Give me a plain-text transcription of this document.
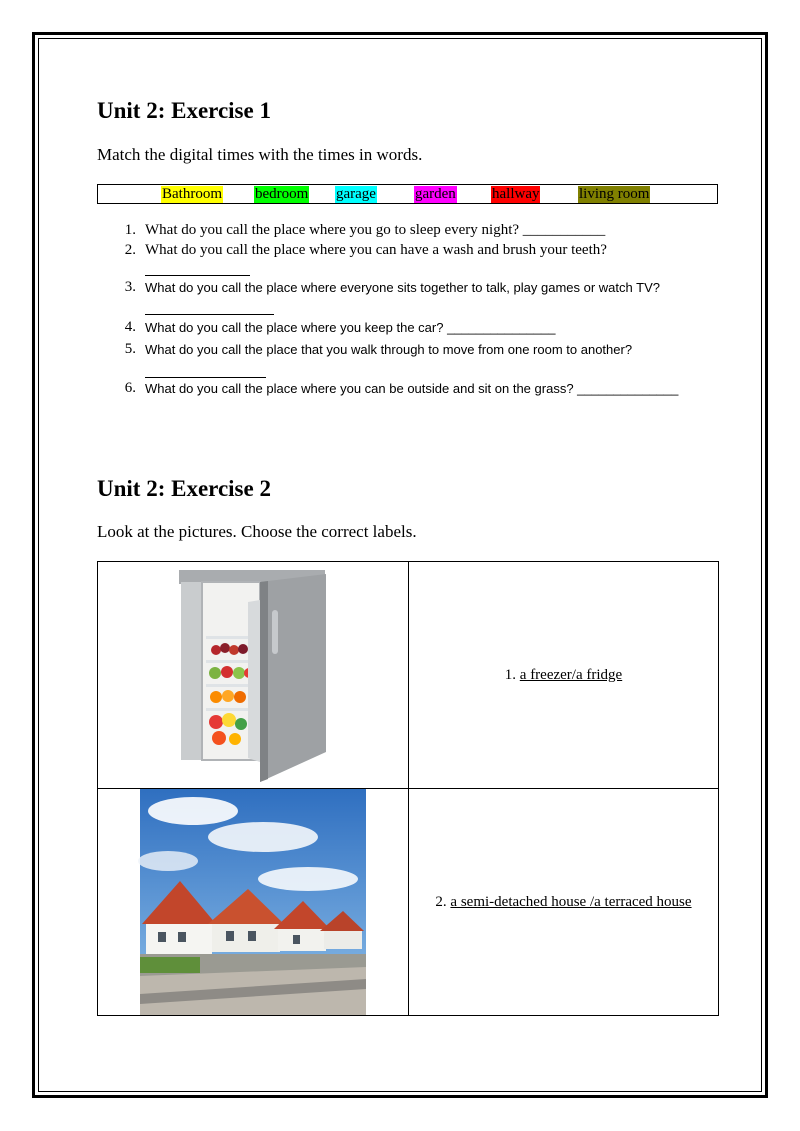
Unit 2: Exercise 1

Match the digital times with the times in words.

Bathroom bedroom garage	garden hallway	living room
1. What do you call the place where you go to sleep every night? ___________
2. What do you call the place where you can have a wash and brush your teeth?
3. What do you call the place where everyone sits together to talk, play games or watch TV?
4. What do you call the place where you keep the car? _______________
5. What do you call the place that you walk through to move from one room to another?
6. What do you call the place where you can be outside and sit on the grass? ______________
Unit 2: Exercise 2

Look at the pictures. Choose the correct labels.

	1. a freezer/a fridge

	2. a semi-detached house /a terraced house
